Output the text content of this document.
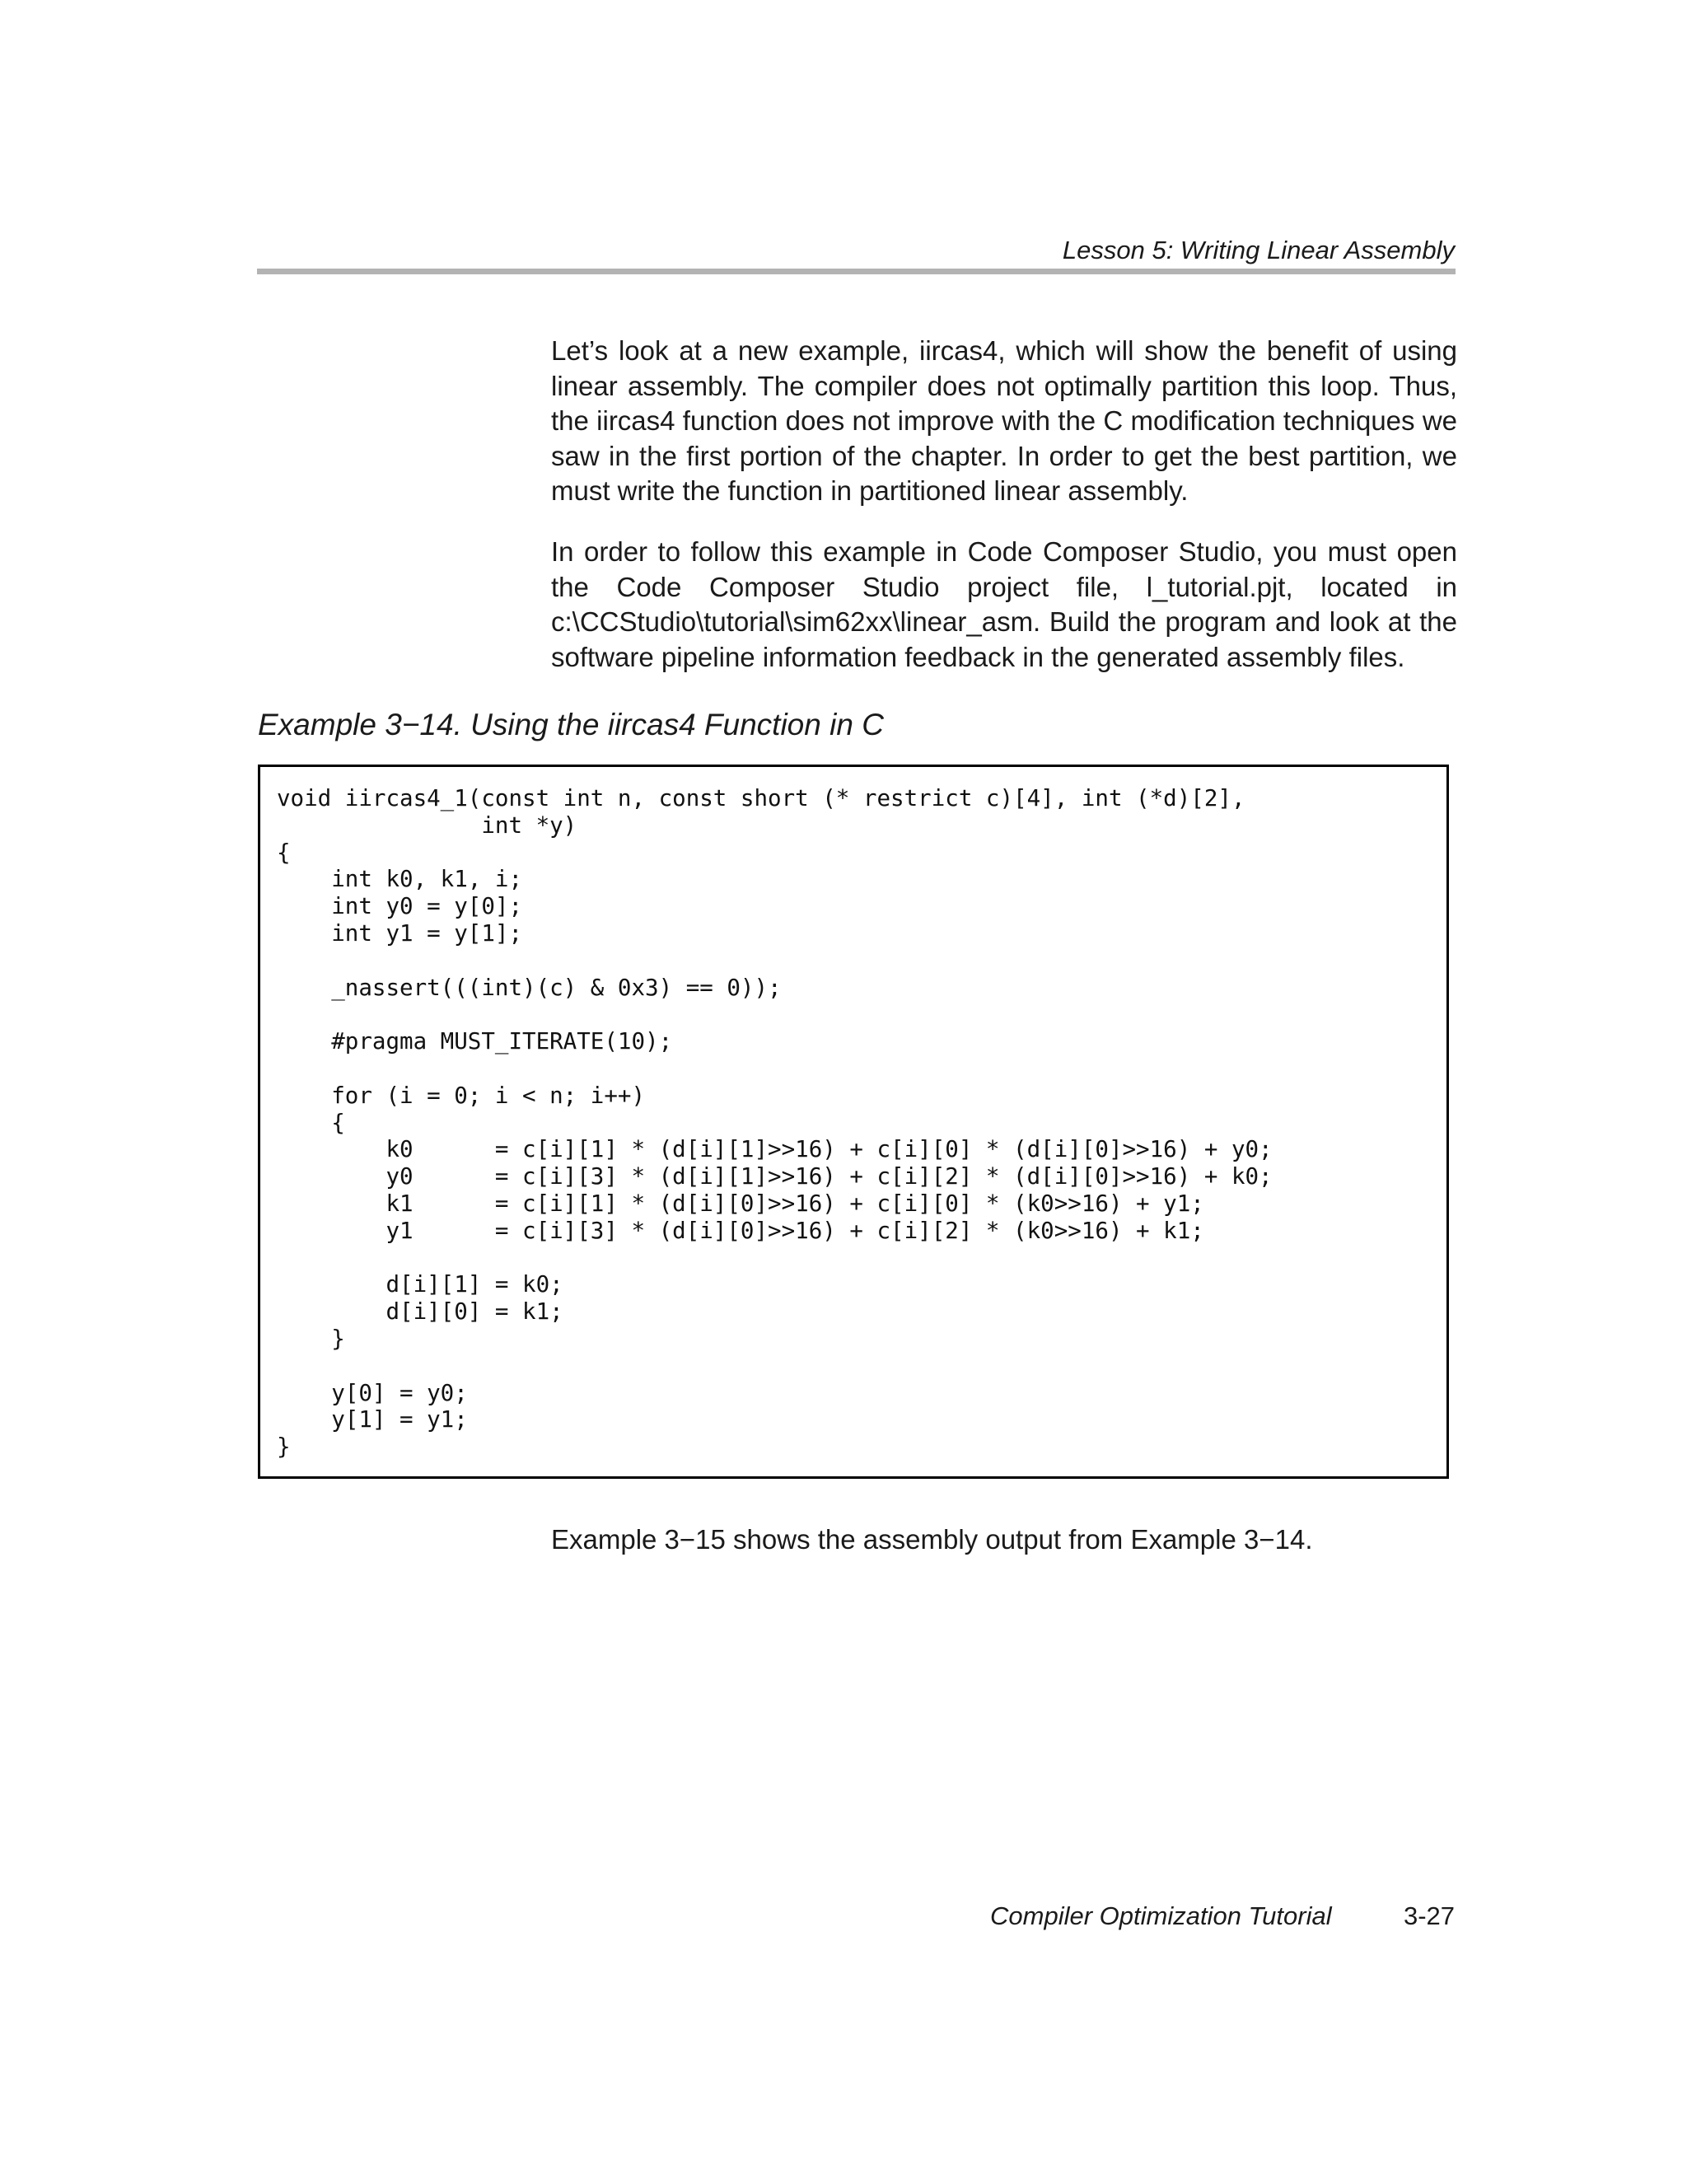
Lesson 5: Writing Linear Assembly

Let’s look at a new example, iircas4, which will show the benefit of using linear assembly. The compiler does not optimally partition this loop. Thus, the iircas4 function does not improve with the C modification techniques we saw in the first portion of the chapter. In order to get the best partition, we must write the function in partitioned linear assembly.

In order to follow this example in Code Composer Studio, you must open the Code Composer Studio project file, l_tutorial.pjt, located in c:\CCStudio\tutorial\sim62xx\linear_asm. Build the program and look at the software pipeline information feedback in the generated assembly files.

Example 3−14. Using the iircas4 Function in C
void iircas4_1(const int n, const short (* restrict c)[4], int (*d)[2],
int *y)
{
int k0, k1, i;
int y0 = y[0];
int y1 = y[1];

_nassert(((int)(c) & 0x3) == 0));

#pragma MUST_ITERATE(10);

for (i = 0; i < n; i++)
{
k0      = c[i][1] * (d[i][1]>>16) + c[i][0] * (d[i][0]>>16) + y0;
y0      = c[i][3] * (d[i][1]>>16) + c[i][2] * (d[i][0]>>16) + k0;
k1      = c[i][1] * (d[i][0]>>16) + c[i][0] * (k0>>16) + y1;
y1      = c[i][3] * (d[i][0]>>16) + c[i][2] * (k0>>16) + k1;

d[i][1] = k0;
d[i][0] = k1;
}

y[0] = y0;
y[1] = y1;
}
Example 3−15 shows the assembly output from Example 3−14.
Compiler Optimization Tutorial	3-27
